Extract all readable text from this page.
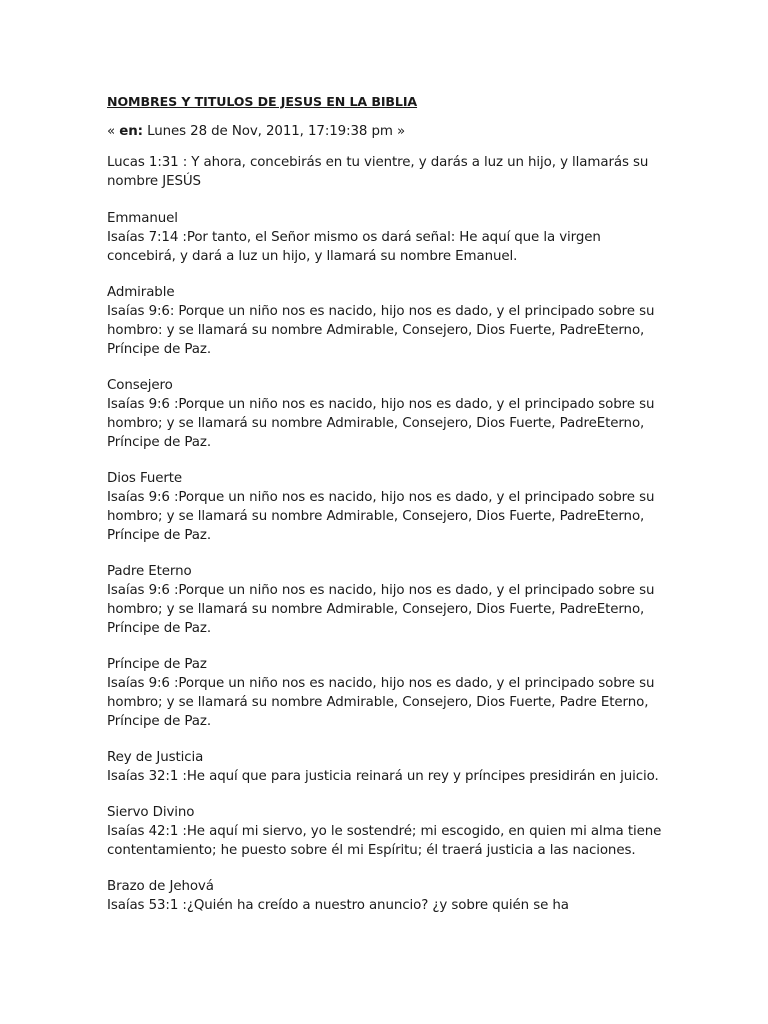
NOMBRES Y TITULOS DE JESUS EN LA BIBLIA
« en: Lunes 28 de Nov, 2011, 17:19:38 pm »
Lucas 1:31 : Y ahora, concebirás en tu vientre, y darás a luz un hijo, y llamarás su nombre JESÚS
Emmanuel
Isaías 7:14 :Por tanto, el Señor mismo os dará señal: He aquí que la virgen concebirá, y dará a luz un hijo, y llamará su nombre Emanuel.
Admirable
Isaías 9:6: Porque un niño nos es nacido, hijo nos es dado, y el principado sobre su hombro: y se llamará su nombre Admirable, Consejero, Dios Fuerte, PadreEterno, Príncipe de Paz.
Consejero
Isaías 9:6 :Porque un niño nos es nacido, hijo nos es dado, y el principado sobre su hombro; y se llamará su nombre Admirable, Consejero, Dios Fuerte, PadreEterno, Príncipe de Paz.
Dios Fuerte
Isaías 9:6 :Porque un niño nos es nacido, hijo nos es dado, y el principado sobre su hombro; y se llamará su nombre Admirable, Consejero, Dios Fuerte, PadreEterno, Príncipe de Paz.
Padre Eterno
Isaías 9:6 :Porque un niño nos es nacido, hijo nos es dado, y el principado sobre su hombro; y se llamará su nombre Admirable, Consejero, Dios Fuerte, PadreEterno, Príncipe de Paz.
Príncipe de Paz
Isaías 9:6 :Porque un niño nos es nacido, hijo nos es dado, y el principado sobre su hombro; y se llamará su nombre Admirable, Consejero, Dios Fuerte, Padre Eterno, Príncipe de Paz.
Rey de Justicia
Isaías 32:1 :He aquí que para justicia reinará un rey y príncipes presidirán en juicio.
Siervo Divino
Isaías 42:1 :He aquí mi siervo, yo le sostendré; mi escogido, en quien mi alma tiene contentamiento; he puesto sobre él mi Espíritu; él traerá justicia a las naciones.
Brazo de Jehová
Isaías 53:1 :¿Quién ha creído a nuestro anuncio? ¿y sobre quién se ha
